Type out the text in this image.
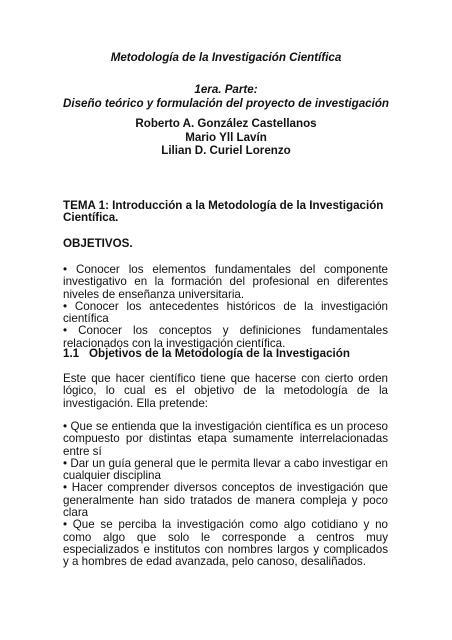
Metodología de la Investigación Científica
1era. Parte:
Diseño teórico y formulación del proyecto de investigación
Roberto A. González Castellanos
Mario Yll Lavín
Lilian D. Curiel Lorenzo
TEMA 1: Introducción a la Metodología de la Investigación
Científica.
OBJETIVOS.

• Conocer los elementos fundamentales del componente investigativo en la formación del profesional en diferentes niveles de enseñanza universitaria.

• Conocer los antecedentes históricos de la investigación científica

• Conocer los conceptos y definiciones fundamentales relacionados con la investigación científica.

1.1 Objetivos de la Metodología de la Investigación
Este que hacer científico tiene que hacerse con cierto orden lógico, lo cual es el objetivo de la metodología de la investigación. Ella pretende:

• Que se entienda que la investigación científica es un proceso compuesto por distintas etapa sumamente interrelacionadas entre sí

• Dar un guía general que le permita llevar a cabo investigar en cualquier disciplina

• Hacer comprender diversos conceptos de investigación que generalmente han sido tratados de manera compleja y poco clara

• Que se perciba la investigación como algo cotidiano y no como algo que solo le corresponde a centros muy especializados e institutos con nombres largos y complicados y a hombres de edad avanzada, pelo canoso, desaliñados.
